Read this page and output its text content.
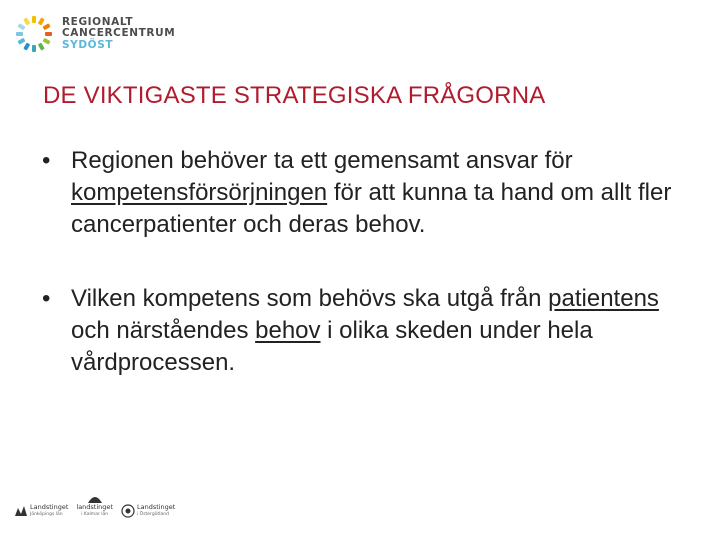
REGIONALT
CANCERCENTRUM
SYDÖST
DE VIKTIGASTE STRATEGISKA FRÅGORNA
• Regionen behöver ta ett gemensamt ansvar för kompetensförsörjningen för att kunna ta hand om allt fler cancerpatienter och deras behov.
• Vilken kompetens som behövs ska utgå från patientens och närståendes behov i olika skeden under hela vårdprocessen.
Landstinget
Jönköpings län
landstinget
i Kalmar län
Landstinget
i Östergötland
